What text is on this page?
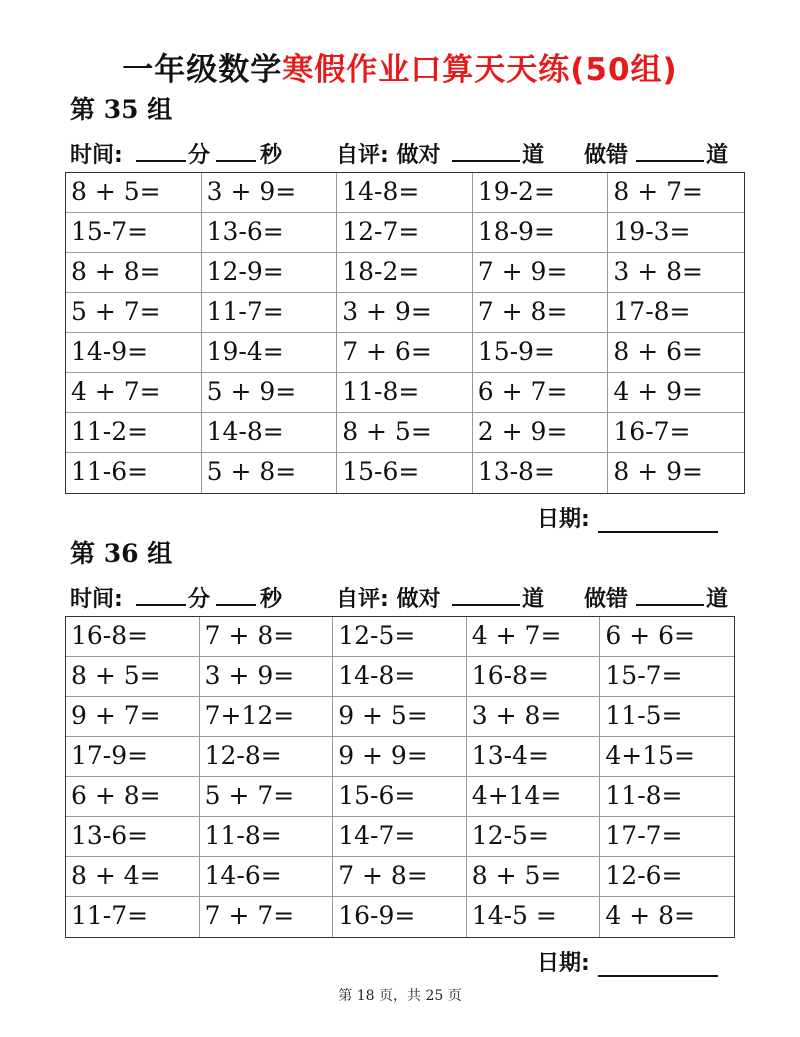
一年级数学寒假作业口算天天练(50组)
第 35 组
时间:	分 秒 自评: 做对	道 做错	道
8 + 5=	3 + 9=	14-8=	19-2=	8 + 7=
15-7=	13-6=	12-7=	18-9=	19-3=
8 + 8=	12-9=	18-2=	7 + 9=	3 + 8=
5 + 7=	11-7=	3 + 9=	7 + 8=	17-8=
14-9=	19-4=	7 + 6=	15-9=	8 + 6=
4 + 7=	5 + 9=	11-8=	6 + 7=	4 + 9=
11-2=	14-8=	8 + 5=	2 + 9=	16-7=
11-6=	5 + 8=	15-6=	13-8=	8 + 9=
日期:
第 36 组
时间:	分 秒 自评: 做对	道 做错	道
16-8=	7 + 8=	12-5=	4 + 7=	6 + 6=
8 + 5=	3 + 9=	14-8=	16-8=	15-7=
9 + 7=	7+12=	9 + 5=	3 + 8=	11-5=
17-9=	12-8=	9 + 9=	13-4=	4+15=
6 + 8=	5 + 7=	15-6=	4+14=	11-8=
13-6=	11-8=	14-7=	12-5=	17-7=
8 + 4=	14-6=	7 + 8=	8 + 5=	12-6=
11-7=	7 + 7=	16-9=	14-5 =	4 + 8=
日期:
第 18 页，共 25 页
